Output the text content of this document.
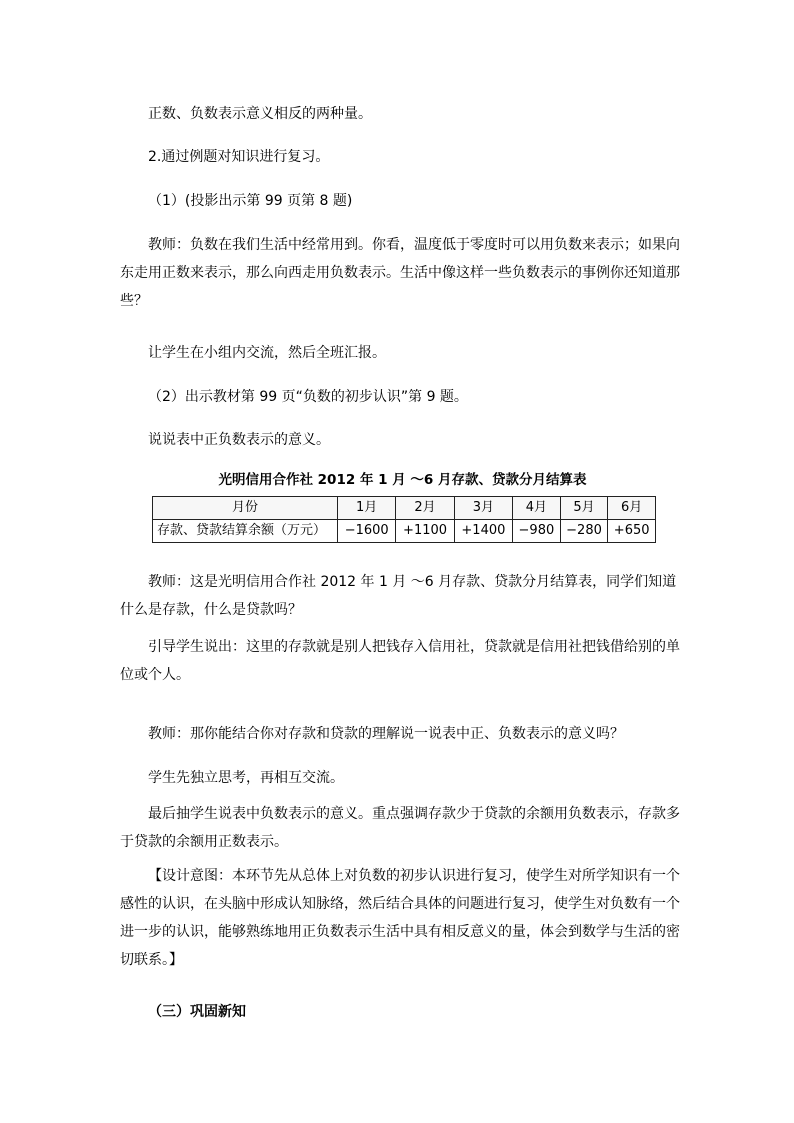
正数、负数表示意义相反的两种量。
2.通过例题对知识进行复习。
（1）(投影出示第 99 页第 8 题)
教师：负数在我们生活中经常用到。你看，温度低于零度时可以用负数来表示；如果向东走用正数来表示，那么向西走用负数表示。生活中像这样一些负数表示的事例你还知道那些？
让学生在小组内交流，然后全班汇报。
（2）出示教材第 99 页“负数的初步认识”第 9 题。
说说表中正负数表示的意义。
光明信用合作社 2012 年 1 月 ～6 月存款、贷款分月结算表
月份	1月	2月	3月	4月	5月	6月
存款、贷款结算余额（万元）	−1600	+1100	+1400	−980	−280	+650
教师：这是光明信用合作社 2012 年 1 月 ～6 月存款、贷款分月结算表，同学们知道什么是存款，什么是贷款吗？
引导学生说出：这里的存款就是别人把钱存入信用社，贷款就是信用社把钱借给别的单位或个人。
教师：那你能结合你对存款和贷款的理解说一说表中正、负数表示的意义吗？
学生先独立思考，再相互交流。
最后抽学生说表中负数表示的意义。重点强调存款少于贷款的余额用负数表示，存款多于贷款的余额用正数表示。
【设计意图：本环节先从总体上对负数的初步认识进行复习，使学生对所学知识有一个感性的认识，在头脑中形成认知脉络，然后结合具体的问题进行复习，使学生对负数有一个进一步的认识，能够熟练地用正负数表示生活中具有相反意义的量，体会到数学与生活的密切联系。】
（三）巩固新知
